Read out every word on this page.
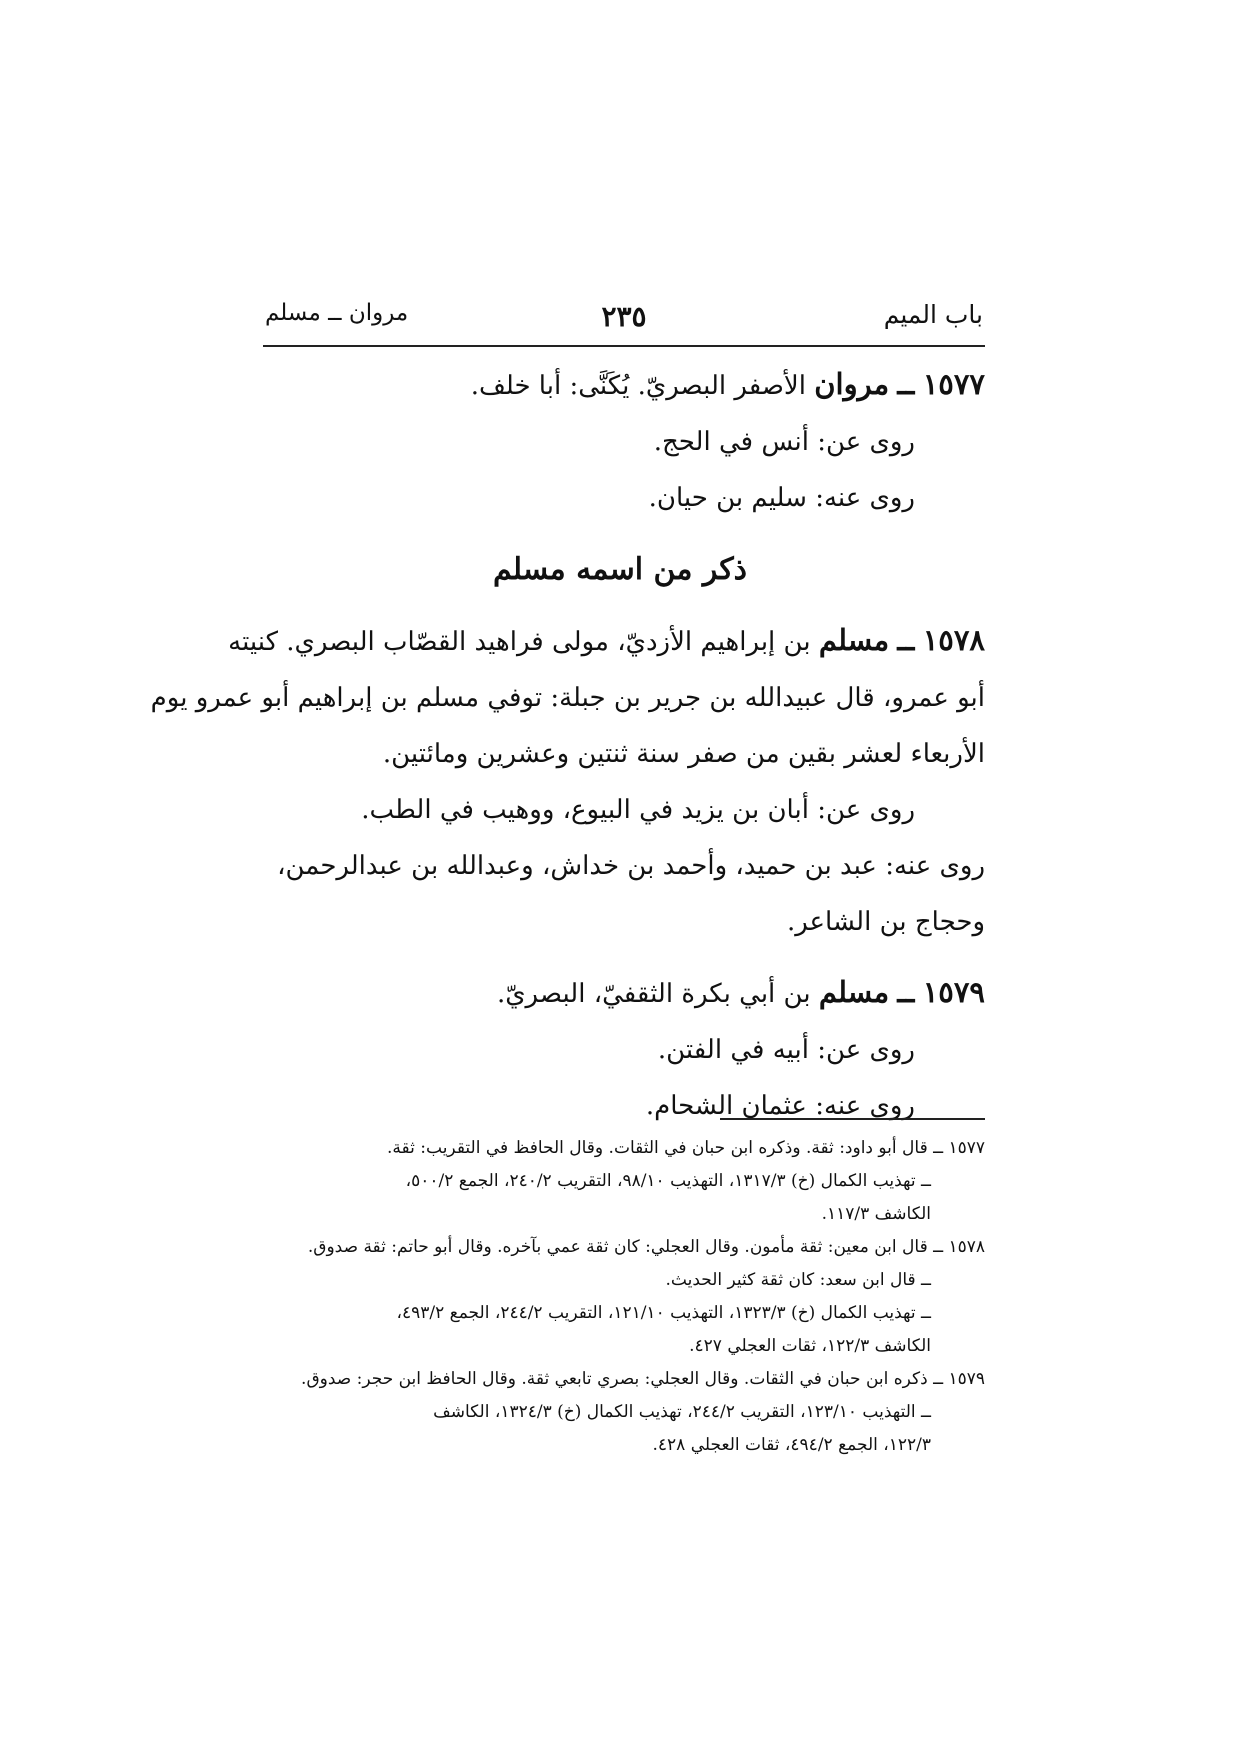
باب الميم
٢٣٥
مروان ــ مسلم

١٥٧٧ ــ مروان الأصفر البصريّ. يُكَنَّى: أبا خلف.

روى عن: أنس في الحج.

روى عنه: سليم بن حيان.

ذكر من اسمه مسلم

١٥٧٨ ــ مسلم بن إبراهيم الأزديّ، مولى فراهيد القصّاب البصري. كنيته

أبو عمرو، قال عبيدالله بن جرير بن جبلة: توفي مسلم بن إبراهيم أبو عمرو يوم

الأربعاء لعشر بقين من صفر سنة ثنتين وعشرين ومائتين.

روى عن: أبان بن يزيد في البيوع، ووهيب في الطب.

روى عنه: عبد بن حميد، وأحمد بن خداش، وعبدالله بن عبدالرحمن،

وحجاج بن الشاعر.

١٥٧٩ ــ مسلم بن أبي بكرة الثقفيّ، البصريّ.

روى عن: أبيه في الفتن.

روى عنه: عثمان الشحام.

١٥٧٧ ــ قال أبو داود: ثقة. وذكره ابن حبان في الثقات. وقال الحافظ في التقريب: ثقة.

ــ تهذيب الكمال (خ) ١٣١٧/٣، التهذيب ٩٨/١٠، التقريب ٢٤٠/٢، الجمع ٥٠٠/٢،

الكاشف ١١٧/٣.

١٥٧٨ ــ قال ابن معين: ثقة مأمون. وقال العجلي: كان ثقة عمي بآخره. وقال أبو حاتم: ثقة صدوق.

ــ قال ابن سعد: كان ثقة كثير الحديث.

ــ تهذيب الكمال (خ) ١٣٢٣/٣، التهذيب ١٢١/١٠، التقريب ٢٤٤/٢، الجمع ٤٩٣/٢،

الكاشف ١٢٢/٣، ثقات العجلي ٤٢٧.

١٥٧٩ ــ ذكره ابن حبان في الثقات. وقال العجلي: بصري تابعي ثقة. وقال الحافظ ابن حجر: صدوق.

ــ التهذيب ١٢٣/١٠، التقريب ٢٤٤/٢، تهذيب الكمال (خ) ١٣٢٤/٣، الكاشف

١٢٢/٣، الجمع ٤٩٤/٢، ثقات العجلي ٤٢٨.
